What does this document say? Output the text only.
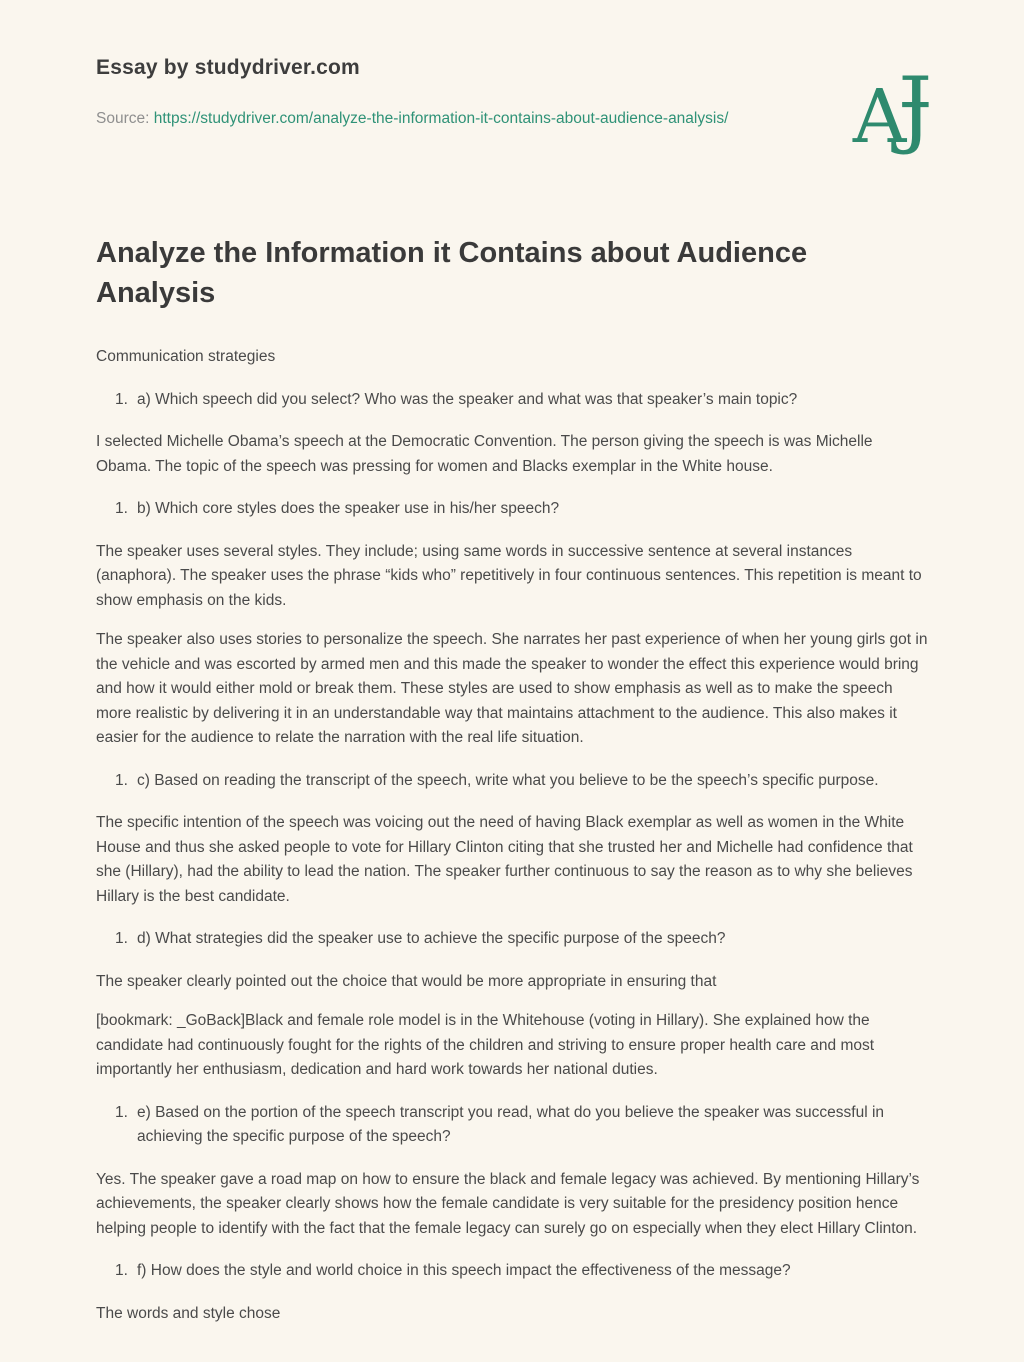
Essay by studydriver.com
Source: https://studydriver.com/analyze-the-information-it-contains-about-audience-analysis/	A
Ɉ
Analyze the Information it Contains about Audience Analysis
Communication strategies
1. a) Which speech did you select? Who was the speaker and what was that speaker’s main topic?
I selected Michelle Obama’s speech at the Democratic Convention. The person giving the speech is was Michelle Obama. The topic of the speech was pressing for women and Blacks exemplar in the White house.
1. b) Which core styles does the speaker use in his/her speech?
The speaker uses several styles. They include; using same words in successive sentence at several instances (anaphora). The speaker uses the phrase “kids who” repetitively in four continuous sentences. This repetition is meant to show emphasis on the kids.
The speaker also uses stories to personalize the speech. She narrates her past experience of when her young girls got in the vehicle and was escorted by armed men and this made the speaker to wonder the effect this experience would bring and how it would either mold or break them. These styles are used to show emphasis as well as to make the speech more realistic by delivering it in an understandable way that maintains attachment to the audience. This also makes it easier for the audience to relate the narration with the real life situation.
1. c) Based on reading the transcript of the speech, write what you believe to be the speech’s specific purpose.
The specific intention of the speech was voicing out the need of having Black exemplar as well as women in the White House and thus she asked people to vote for Hillary Clinton citing that she trusted her and Michelle had confidence that she (Hillary), had the ability to lead the nation. The speaker further continuous to say the reason as to why she believes Hillary is the best candidate.
1. d) What strategies did the speaker use to achieve the specific purpose of the speech?
The speaker clearly pointed out the choice that would be more appropriate in ensuring that
[bookmark: _GoBack]Black and female role model is in the Whitehouse (voting in Hillary). She explained how the candidate had continuously fought for the rights of the children and striving to ensure proper health care and most importantly her enthusiasm, dedication and hard work towards her national duties.
1. e) Based on the portion of the speech transcript you read, what do you believe the speaker was successful in achieving the specific purpose of the speech?
Yes. The speaker gave a road map on how to ensure the black and female legacy was achieved. By mentioning Hillary’s achievements, the speaker clearly shows how the female candidate is very suitable for the presidency position hence helping people to identify with the fact that the female legacy can surely go on especially when they elect Hillary Clinton.
1. f) How does the style and world choice in this speech impact the effectiveness of the message?
The words and style chose
